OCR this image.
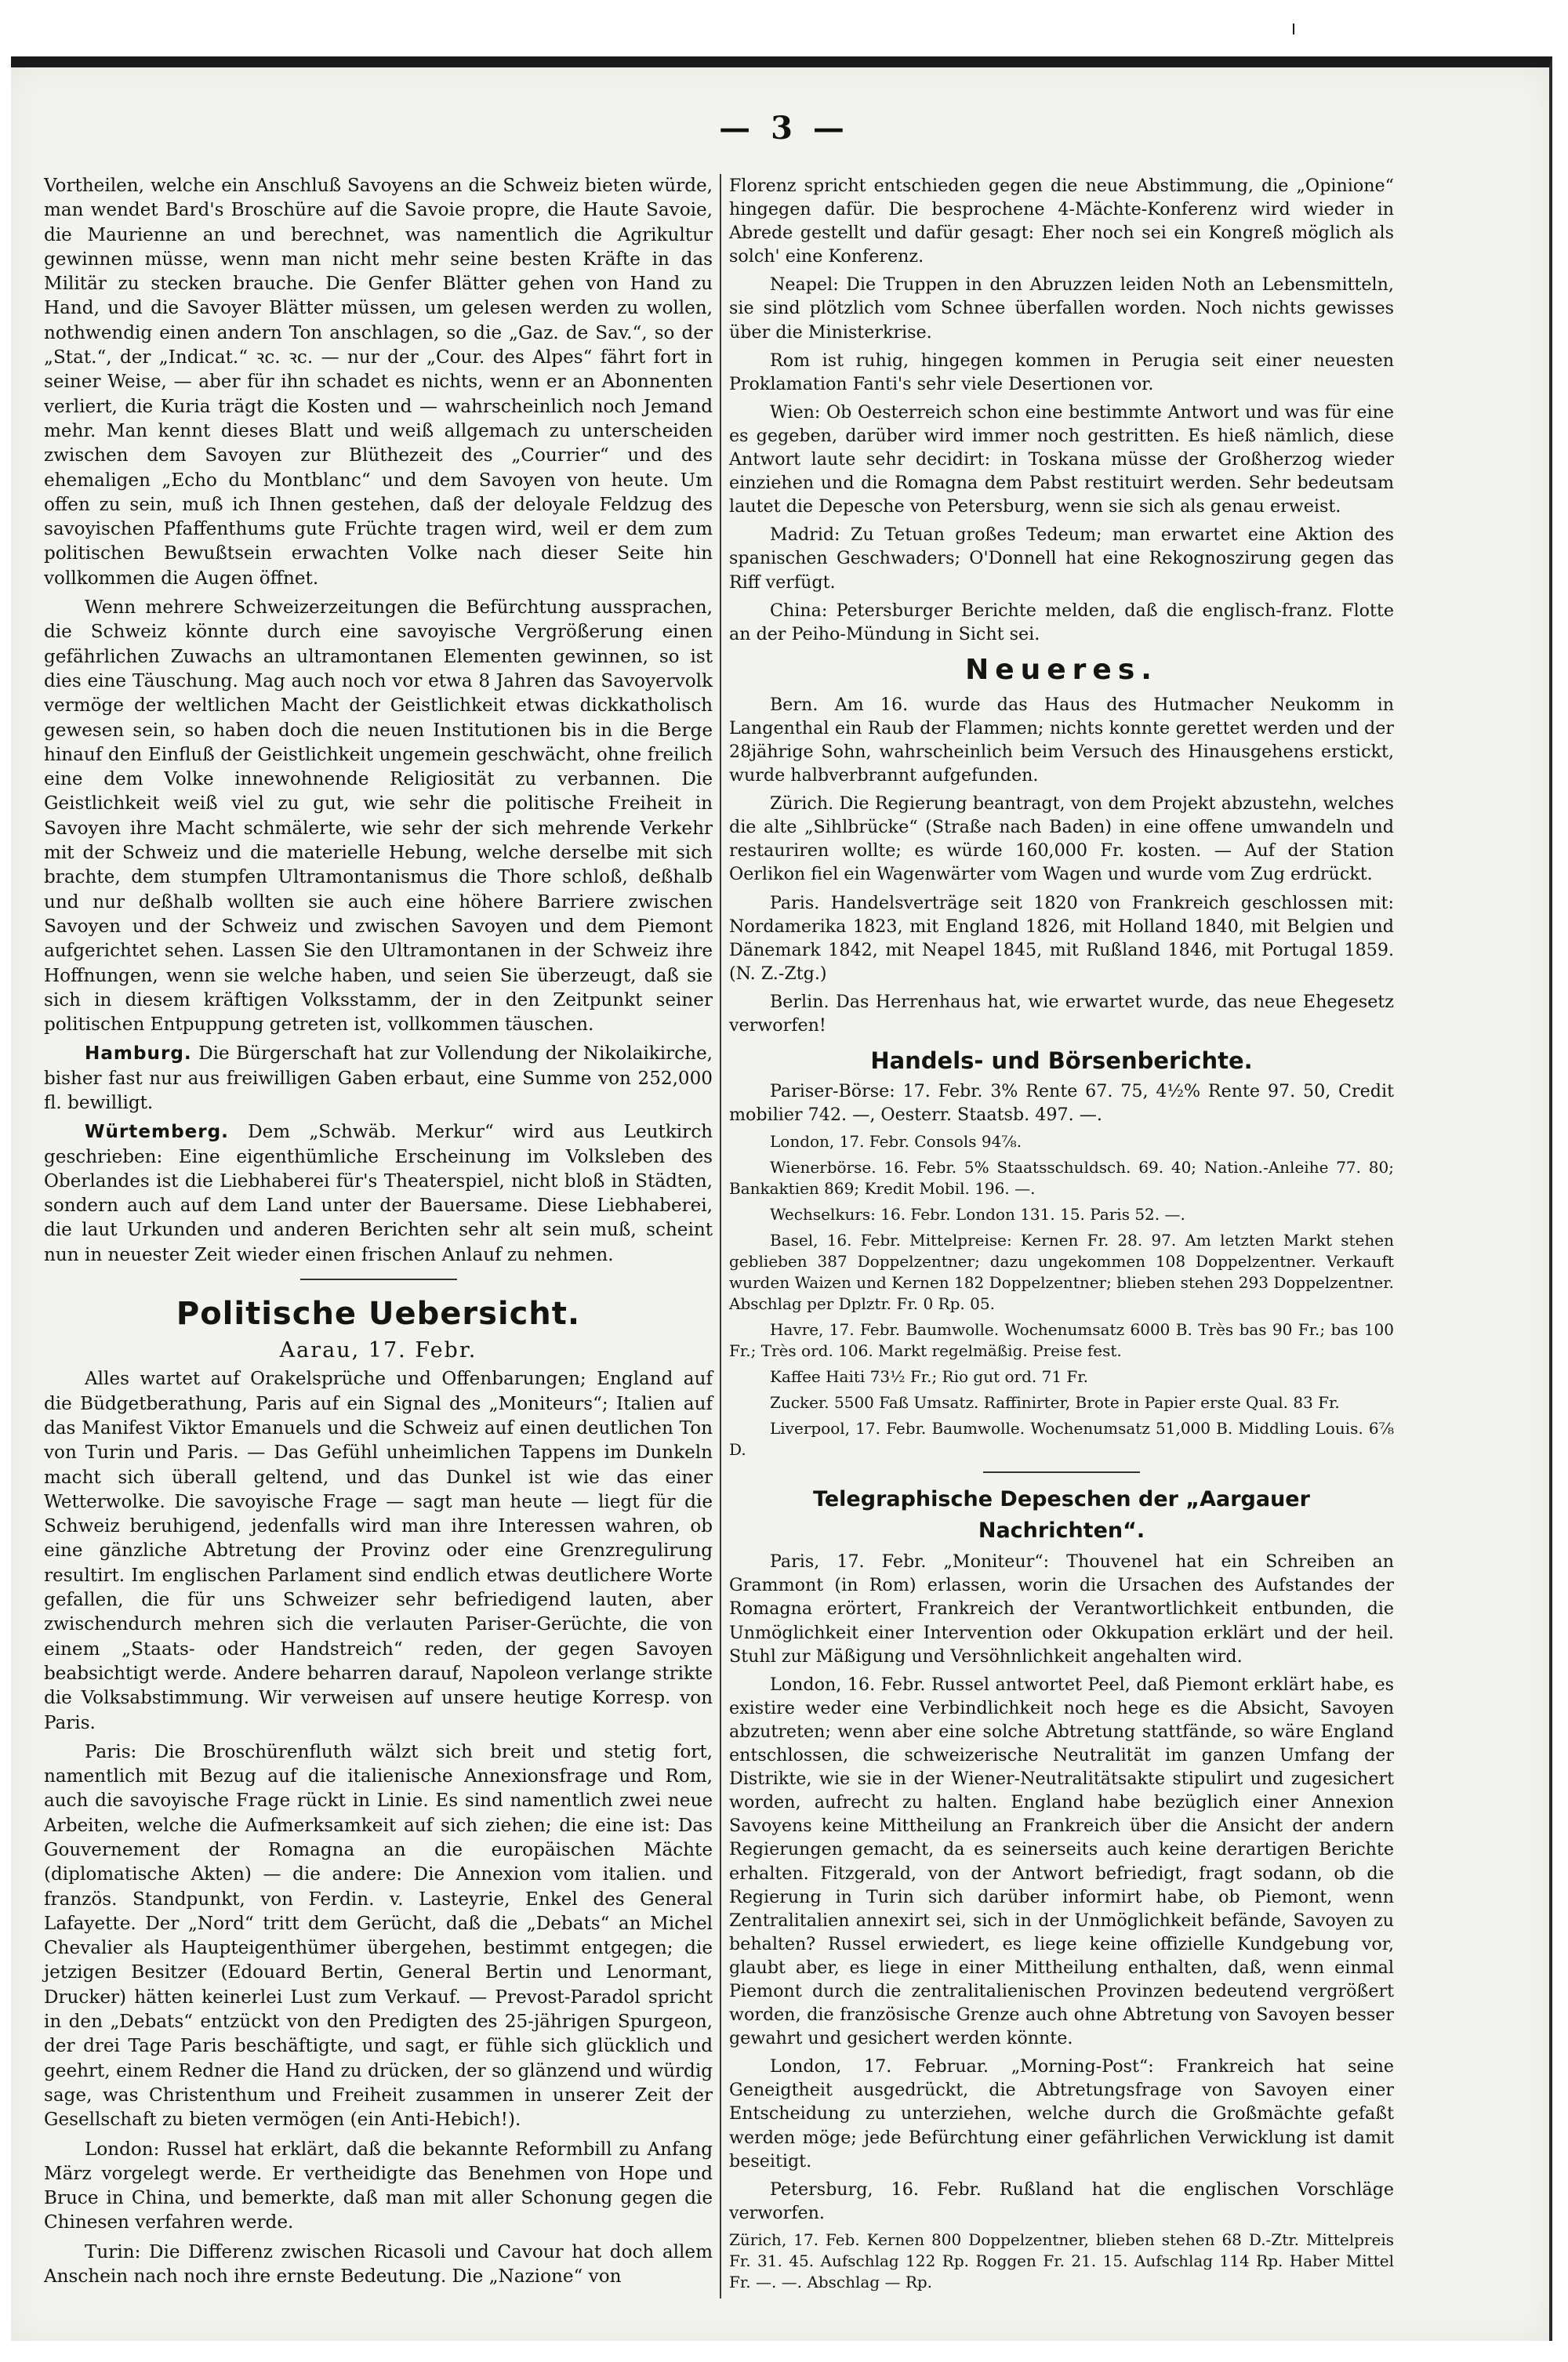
— 3 —

Vortheilen, welche ein Anschluß Savoyens an die Schweiz bieten würde, man wendet Bard's Broschüre auf die Savoie propre, die Haute Savoie, die Maurienne an und berechnet, was namentlich die Agrikultur gewinnen müsse, wenn man nicht mehr seine besten Kräfte in das Militär zu stecken brauche. Die Genfer Blätter gehen von Hand zu Hand, und die Savoyer Blätter müssen, um gelesen werden zu wollen, nothwendig einen andern Ton anschlagen, so die „Gaz. de Sav.“, so der „Stat.“, der „Indicat.“ ꝛc. ꝛc. — nur der „Cour. des Alpes“ fährt fort in seiner Weise, — aber für ihn schadet es nichts, wenn er an Abonnenten verliert, die Kuria trägt die Kosten und — wahrscheinlich noch Jemand mehr. Man kennt dieses Blatt und weiß allgemach zu unterscheiden zwischen dem Savoyen zur Blüthezeit des „Courrier“ und des ehemaligen „Echo du Montblanc“ und dem Savoyen von heute. Um offen zu sein, muß ich Ihnen gestehen, daß der deloyale Feldzug des savoyischen Pfaffenthums gute Früchte tragen wird, weil er dem zum politischen Bewußtsein erwachten Volke nach dieser Seite hin vollkommen die Augen öffnet.

Wenn mehrere Schweizerzeitungen die Befürchtung aussprachen, die Schweiz könnte durch eine savoyische Vergrößerung einen gefährlichen Zuwachs an ultramontanen Elementen gewinnen, so ist dies eine Täuschung. Mag auch noch vor etwa 8 Jahren das Savoyervolk vermöge der weltlichen Macht der Geistlichkeit etwas dickkatholisch gewesen sein, so haben doch die neuen Institutionen bis in die Berge hinauf den Einfluß der Geistlichkeit ungemein geschwächt, ohne freilich eine dem Volke innewohnende Religiosität zu verbannen. Die Geistlichkeit weiß viel zu gut, wie sehr die politische Freiheit in Savoyen ihre Macht schmälerte, wie sehr der sich mehrende Verkehr mit der Schweiz und die materielle Hebung, welche derselbe mit sich brachte, dem stumpfen Ultramontanismus die Thore schloß, deßhalb und nur deßhalb wollten sie auch eine höhere Barriere zwischen Savoyen und der Schweiz und zwischen Savoyen und dem Piemont aufgerichtet sehen. Lassen Sie den Ultramontanen in der Schweiz ihre Hoffnungen, wenn sie welche haben, und seien Sie überzeugt, daß sie sich in diesem kräftigen Volksstamm, der in den Zeitpunkt seiner politischen Entpuppung getreten ist, vollkommen täuschen.

Hamburg. Die Bürgerschaft hat zur Vollendung der Nikolaikirche, bisher fast nur aus freiwilligen Gaben erbaut, eine Summe von 252,000 fl. bewilligt.

Würtemberg. Dem „Schwäb. Merkur“ wird aus Leutkirch geschrieben: Eine eigenthümliche Erscheinung im Volksleben des Oberlandes ist die Liebhaberei für's Theaterspiel, nicht bloß in Städten, sondern auch auf dem Land unter der Bauersame. Diese Liebhaberei, die laut Urkunden und anderen Berichten sehr alt sein muß, scheint nun in neuester Zeit wieder einen frischen Anlauf zu nehmen.

Politische Uebersicht.
Aarau, 17. Febr.

Alles wartet auf Orakelsprüche und Offenbarungen; England auf die Büdgetberathung, Paris auf ein Signal des „Moniteurs“; Italien auf das Manifest Viktor Emanuels und die Schweiz auf einen deutlichen Ton von Turin und Paris. — Das Gefühl unheimlichen Tappens im Dunkeln macht sich überall geltend, und das Dunkel ist wie das einer Wetterwolke. Die savoyische Frage — sagt man heute — liegt für die Schweiz beruhigend, jedenfalls wird man ihre Interessen wahren, ob eine gänzliche Abtretung der Provinz oder eine Grenzregulirung resultirt. Im englischen Parlament sind endlich etwas deutlichere Worte gefallen, die für uns Schweizer sehr befriedigend lauten, aber zwischendurch mehren sich die verlauten Pariser-Gerüchte, die von einem „Staats- oder Handstreich“ reden, der gegen Savoyen beabsichtigt werde. Andere beharren darauf, Napoleon verlange strikte die Volksabstimmung. Wir verweisen auf unsere heutige Korresp. von Paris.

Paris: Die Broschürenfluth wälzt sich breit und stetig fort, namentlich mit Bezug auf die italienische Annexionsfrage und Rom, auch die savoyische Frage rückt in Linie. Es sind namentlich zwei neue Arbeiten, welche die Aufmerksamkeit auf sich ziehen; die eine ist: Das Gouvernement der Romagna an die europäischen Mächte (diplomatische Akten) — die andere: Die Annexion vom italien. und französ. Standpunkt, von Ferdin. v. Lasteyrie, Enkel des General Lafayette. Der „Nord“ tritt dem Gerücht, daß die „Debats“ an Michel Chevalier als Haupteigenthümer übergehen, bestimmt entgegen; die jetzigen Besitzer (Edouard Bertin, General Bertin und Lenormant, Drucker) hätten keinerlei Lust zum Verkauf. — Prevost-Paradol spricht in den „Debats“ entzückt von den Predigten des 25-jährigen Spurgeon, der drei Tage Paris beschäftigte, und sagt, er fühle sich glücklich und geehrt, einem Redner die Hand zu drücken, der so glänzend und würdig sage, was Christenthum und Freiheit zusammen in unserer Zeit der Gesellschaft zu bieten vermögen (ein Anti-Hebich!).

London: Russel hat erklärt, daß die bekannte Reformbill zu Anfang März vorgelegt werde. Er vertheidigte das Benehmen von Hope und Bruce in China, und bemerkte, daß man mit aller Schonung gegen die Chinesen verfahren werde.

Turin: Die Differenz zwischen Ricasoli und Cavour hat doch allem Anschein nach noch ihre ernste Bedeutung. Die „Nazione“ von

Florenz spricht entschieden gegen die neue Abstimmung, die „Opinione“ hingegen dafür. Die besprochene 4-Mächte-Konferenz wird wieder in Abrede gestellt und dafür gesagt: Eher noch sei ein Kongreß möglich als solch' eine Konferenz.

Neapel: Die Truppen in den Abruzzen leiden Noth an Lebensmitteln, sie sind plötzlich vom Schnee überfallen worden. Noch nichts gewisses über die Ministerkrise.

Rom ist ruhig, hingegen kommen in Perugia seit einer neuesten Proklamation Fanti's sehr viele Desertionen vor.

Wien: Ob Oesterreich schon eine bestimmte Antwort und was für eine es gegeben, darüber wird immer noch gestritten. Es hieß nämlich, diese Antwort laute sehr decidirt: in Toskana müsse der Großherzog wieder einziehen und die Romagna dem Pabst restituirt werden. Sehr bedeutsam lautet die Depesche von Petersburg, wenn sie sich als genau erweist.

Madrid: Zu Tetuan großes Tedeum; man erwartet eine Aktion des spanischen Geschwaders; O'Donnell hat eine Rekognoszirung gegen das Riff verfügt.

China: Petersburger Berichte melden, daß die englisch-franz. Flotte an der Peiho-Mündung in Sicht sei.

Neueres.

Bern. Am 16. wurde das Haus des Hutmacher Neukomm in Langenthal ein Raub der Flammen; nichts konnte gerettet werden und der 28jährige Sohn, wahrscheinlich beim Versuch des Hinausgehens erstickt, wurde halbverbrannt aufgefunden.

Zürich. Die Regierung beantragt, von dem Projekt abzustehn, welches die alte „Sihlbrücke“ (Straße nach Baden) in eine offene umwandeln und restauriren wollte; es würde 160,000 Fr. kosten. — Auf der Station Oerlikon fiel ein Wagenwärter vom Wagen und wurde vom Zug erdrückt.

Paris. Handelsverträge seit 1820 von Frankreich geschlossen mit: Nordamerika 1823, mit England 1826, mit Holland 1840, mit Belgien und Dänemark 1842, mit Neapel 1845, mit Rußland 1846, mit Portugal 1859. (N. Z.-Ztg.)

Berlin. Das Herrenhaus hat, wie erwartet wurde, das neue Ehegesetz verworfen!

Handels- und Börsenberichte.

Pariser-Börse: 17. Febr. 3% Rente 67. 75, 4½% Rente 97. 50, Credit mobilier 742. —, Oesterr. Staatsb. 497. —.

London, 17. Febr. Consols 94⅞.

Wienerbörse. 16. Febr. 5% Staatsschuldsch. 69. 40; Nation.-Anleihe 77. 80; Bankaktien 869; Kredit Mobil. 196. —.

Wechselkurs: 16. Febr. London 131. 15. Paris 52. —.

Basel, 16. Febr. Mittelpreise: Kernen Fr. 28. 97. Am letzten Markt stehen geblieben 387 Doppelzentner; dazu ungekommen 108 Doppelzentner. Verkauft wurden Waizen und Kernen 182 Doppelzentner; blieben stehen 293 Doppelzentner. Abschlag per Dplztr. Fr. 0 Rp. 05.

Havre, 17. Febr. Baumwolle. Wochenumsatz 6000 B. Très bas 90 Fr.; bas 100 Fr.; Très ord. 106. Markt regelmäßig. Preise fest.

Kaffee Haiti 73½ Fr.; Rio gut ord. 71 Fr.

Zucker. 5500 Faß Umsatz. Raffinirter, Brote in Papier erste Qual. 83 Fr.

Liverpool, 17. Febr. Baumwolle. Wochenumsatz 51,000 B. Middling Louis. 6⅞ D.

Telegraphische Depeschen der „Aargauer Nachrichten“.

Paris, 17. Febr. „Moniteur“: Thouvenel hat ein Schreiben an Grammont (in Rom) erlassen, worin die Ursachen des Aufstandes der Romagna erörtert, Frankreich der Verantwortlichkeit entbunden, die Unmöglichkeit einer Intervention oder Okkupation erklärt und der heil. Stuhl zur Mäßigung und Versöhnlichkeit angehalten wird.

London, 16. Febr. Russel antwortet Peel, daß Piemont erklärt habe, es existire weder eine Verbindlichkeit noch hege es die Absicht, Savoyen abzutreten; wenn aber eine solche Abtretung stattfände, so wäre England entschlossen, die schweizerische Neutralität im ganzen Umfang der Distrikte, wie sie in der Wiener-Neutralitätsakte stipulirt und zugesichert worden, aufrecht zu halten. England habe bezüglich einer Annexion Savoyens keine Mittheilung an Frankreich über die Ansicht der andern Regierungen gemacht, da es seinerseits auch keine derartigen Berichte erhalten. Fitzgerald, von der Antwort befriedigt, fragt sodann, ob die Regierung in Turin sich darüber informirt habe, ob Piemont, wenn Zentralitalien annexirt sei, sich in der Unmöglichkeit befände, Savoyen zu behalten? Russel erwiedert, es liege keine offizielle Kundgebung vor, glaubt aber, es liege in einer Mittheilung enthalten, daß, wenn einmal Piemont durch die zentralitalienischen Provinzen bedeutend vergrößert worden, die französische Grenze auch ohne Abtretung von Savoyen besser gewahrt und gesichert werden könnte.

London, 17. Februar. „Morning-Post“: Frankreich hat seine Geneigtheit ausgedrückt, die Abtretungsfrage von Savoyen einer Entscheidung zu unterziehen, welche durch die Großmächte gefaßt werden möge; jede Befürchtung einer gefährlichen Verwicklung ist damit beseitigt.

Petersburg, 16. Febr. Rußland hat die englischen Vorschläge verworfen.

Zürich, 17. Feb. Kernen 800 Doppelzentner, blieben stehen 68 D.-Ztr. Mittelpreis Fr. 31. 45. Aufschlag 122 Rp. Roggen Fr. 21. 15. Aufschlag 114 Rp. Haber Mittel Fr. —. —. Abschlag — Rp.
